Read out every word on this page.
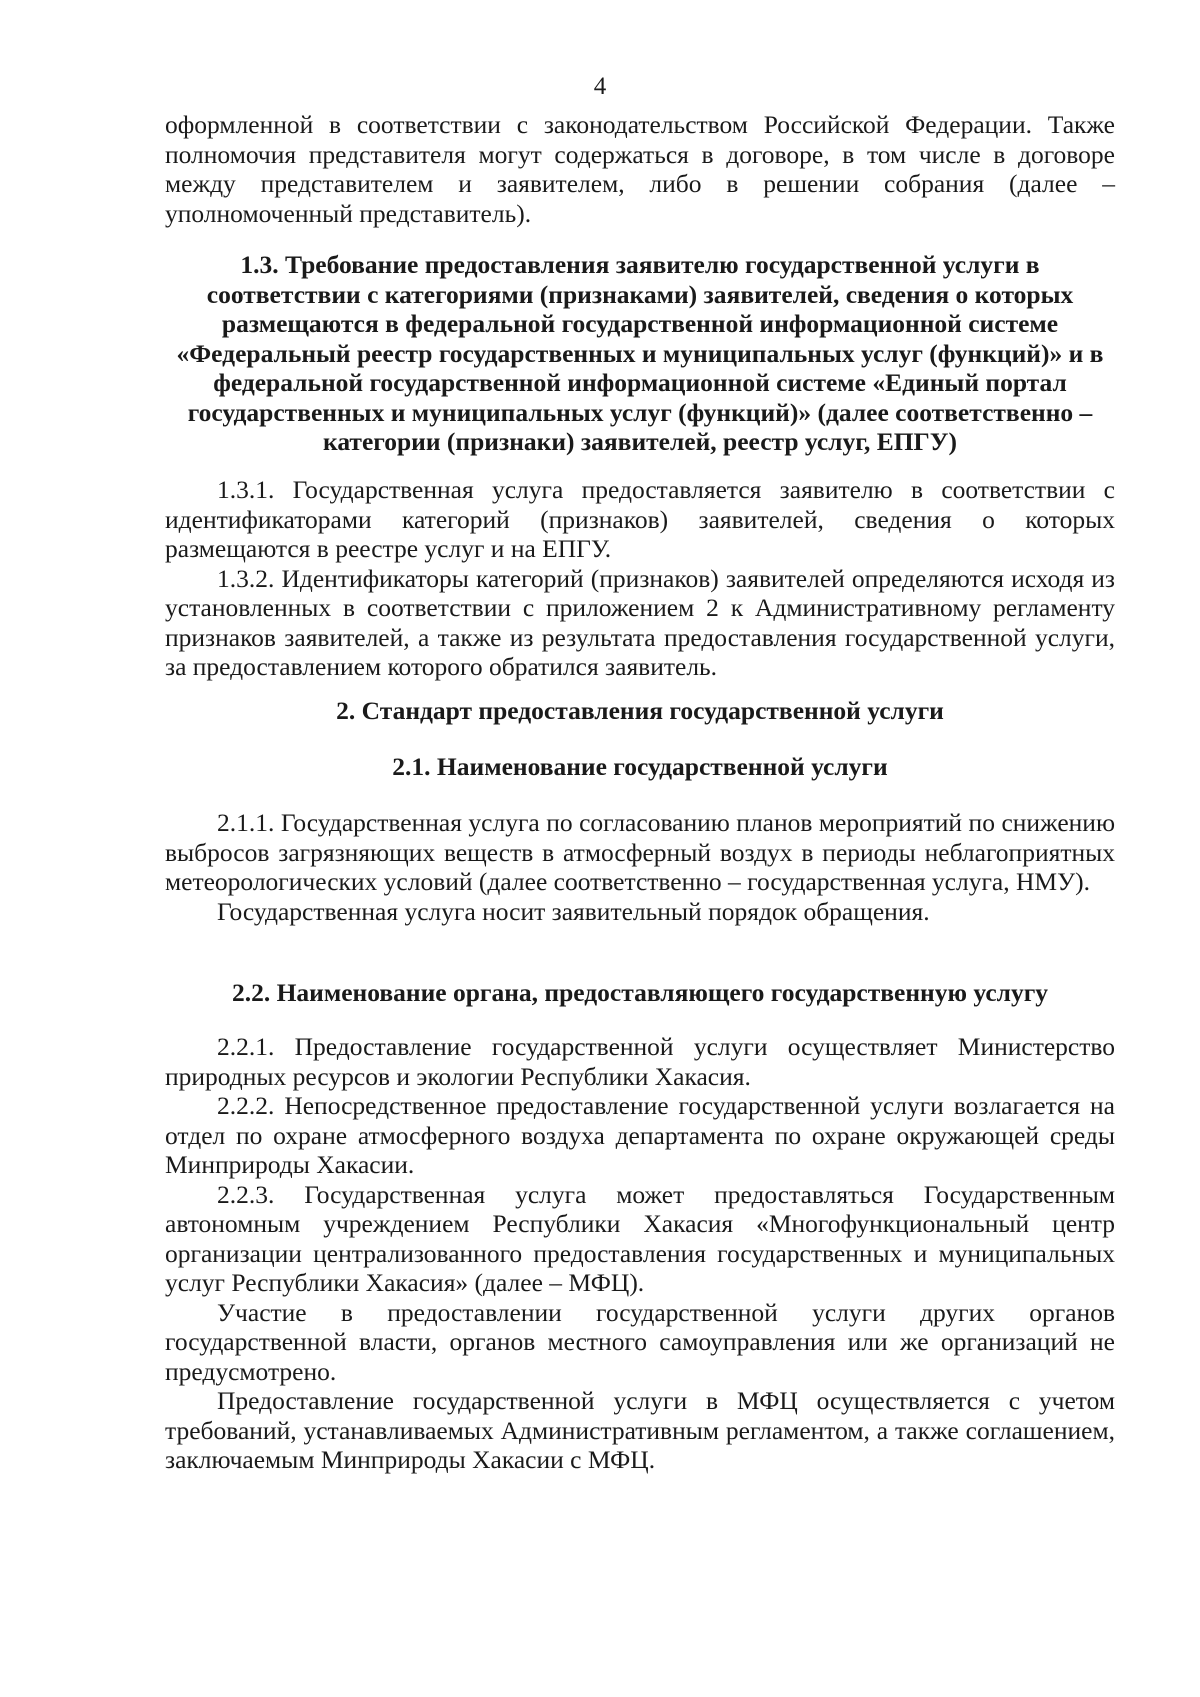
4

оформленной в соответствии с законодательством Российской Федерации. Также полномочия представителя могут содержаться в договоре, в том числе в договоре между представителем и заявителем, либо в решении собрания (далее – уполномоченный представитель).

1.3. Требование предоставления заявителю государственной услуги в соответствии с категориями (признаками) заявителей, сведения о которых размещаются в федеральной государственной информационной системе «Федеральный реестр государственных и муниципальных услуг (функций)» и в федеральной государственной информационной системе «Единый портал государственных и муниципальных услуг (функций)» (далее соответственно – категории (признаки) заявителей, реестр услуг, ЕПГУ)

1.3.1. Государственная услуга предоставляется заявителю в соответствии с идентификаторами категорий (признаков) заявителей, сведения о которых размещаются в реестре услуг и на ЕПГУ.

1.3.2. Идентификаторы категорий (признаков) заявителей определяются исходя из установленных в соответствии с приложением 2 к Административному регламенту признаков заявителей, а также из результата предоставления государственной услуги, за предоставлением которого обратился заявитель.

2. Стандарт предоставления государственной услуги
2.1. Наименование государственной услуги

2.1.1. Государственная услуга по согласованию планов мероприятий по снижению выбросов загрязняющих веществ в атмосферный воздух в периоды неблагоприятных метеорологических условий (далее соответственно – государственная услуга, НМУ).

Государственная услуга носит заявительный порядок обращения.

2.2. Наименование органа, предоставляющего государственную услугу

2.2.1. Предоставление государственной услуги осуществляет Министерство природных ресурсов и экологии Республики Хакасия.

2.2.2. Непосредственное предоставление государственной услуги возлагается на отдел по охране атмосферного воздуха департамента по охране окружающей среды Минприроды Хакасии.

2.2.3. Государственная услуга может предоставляться Государственным автономным учреждением Республики Хакасия «Многофункциональный центр организации централизованного предоставления государственных и муниципальных услуг Республики Хакасия» (далее – МФЦ).

Участие в предоставлении государственной услуги других органов государственной власти, органов местного самоуправления или же организаций не предусмотрено.

Предоставление государственной услуги в МФЦ осуществляется с учетом требований, устанавливаемых Административным регламентом, а также соглашением, заключаемым Минприроды Хакасии с МФЦ.
